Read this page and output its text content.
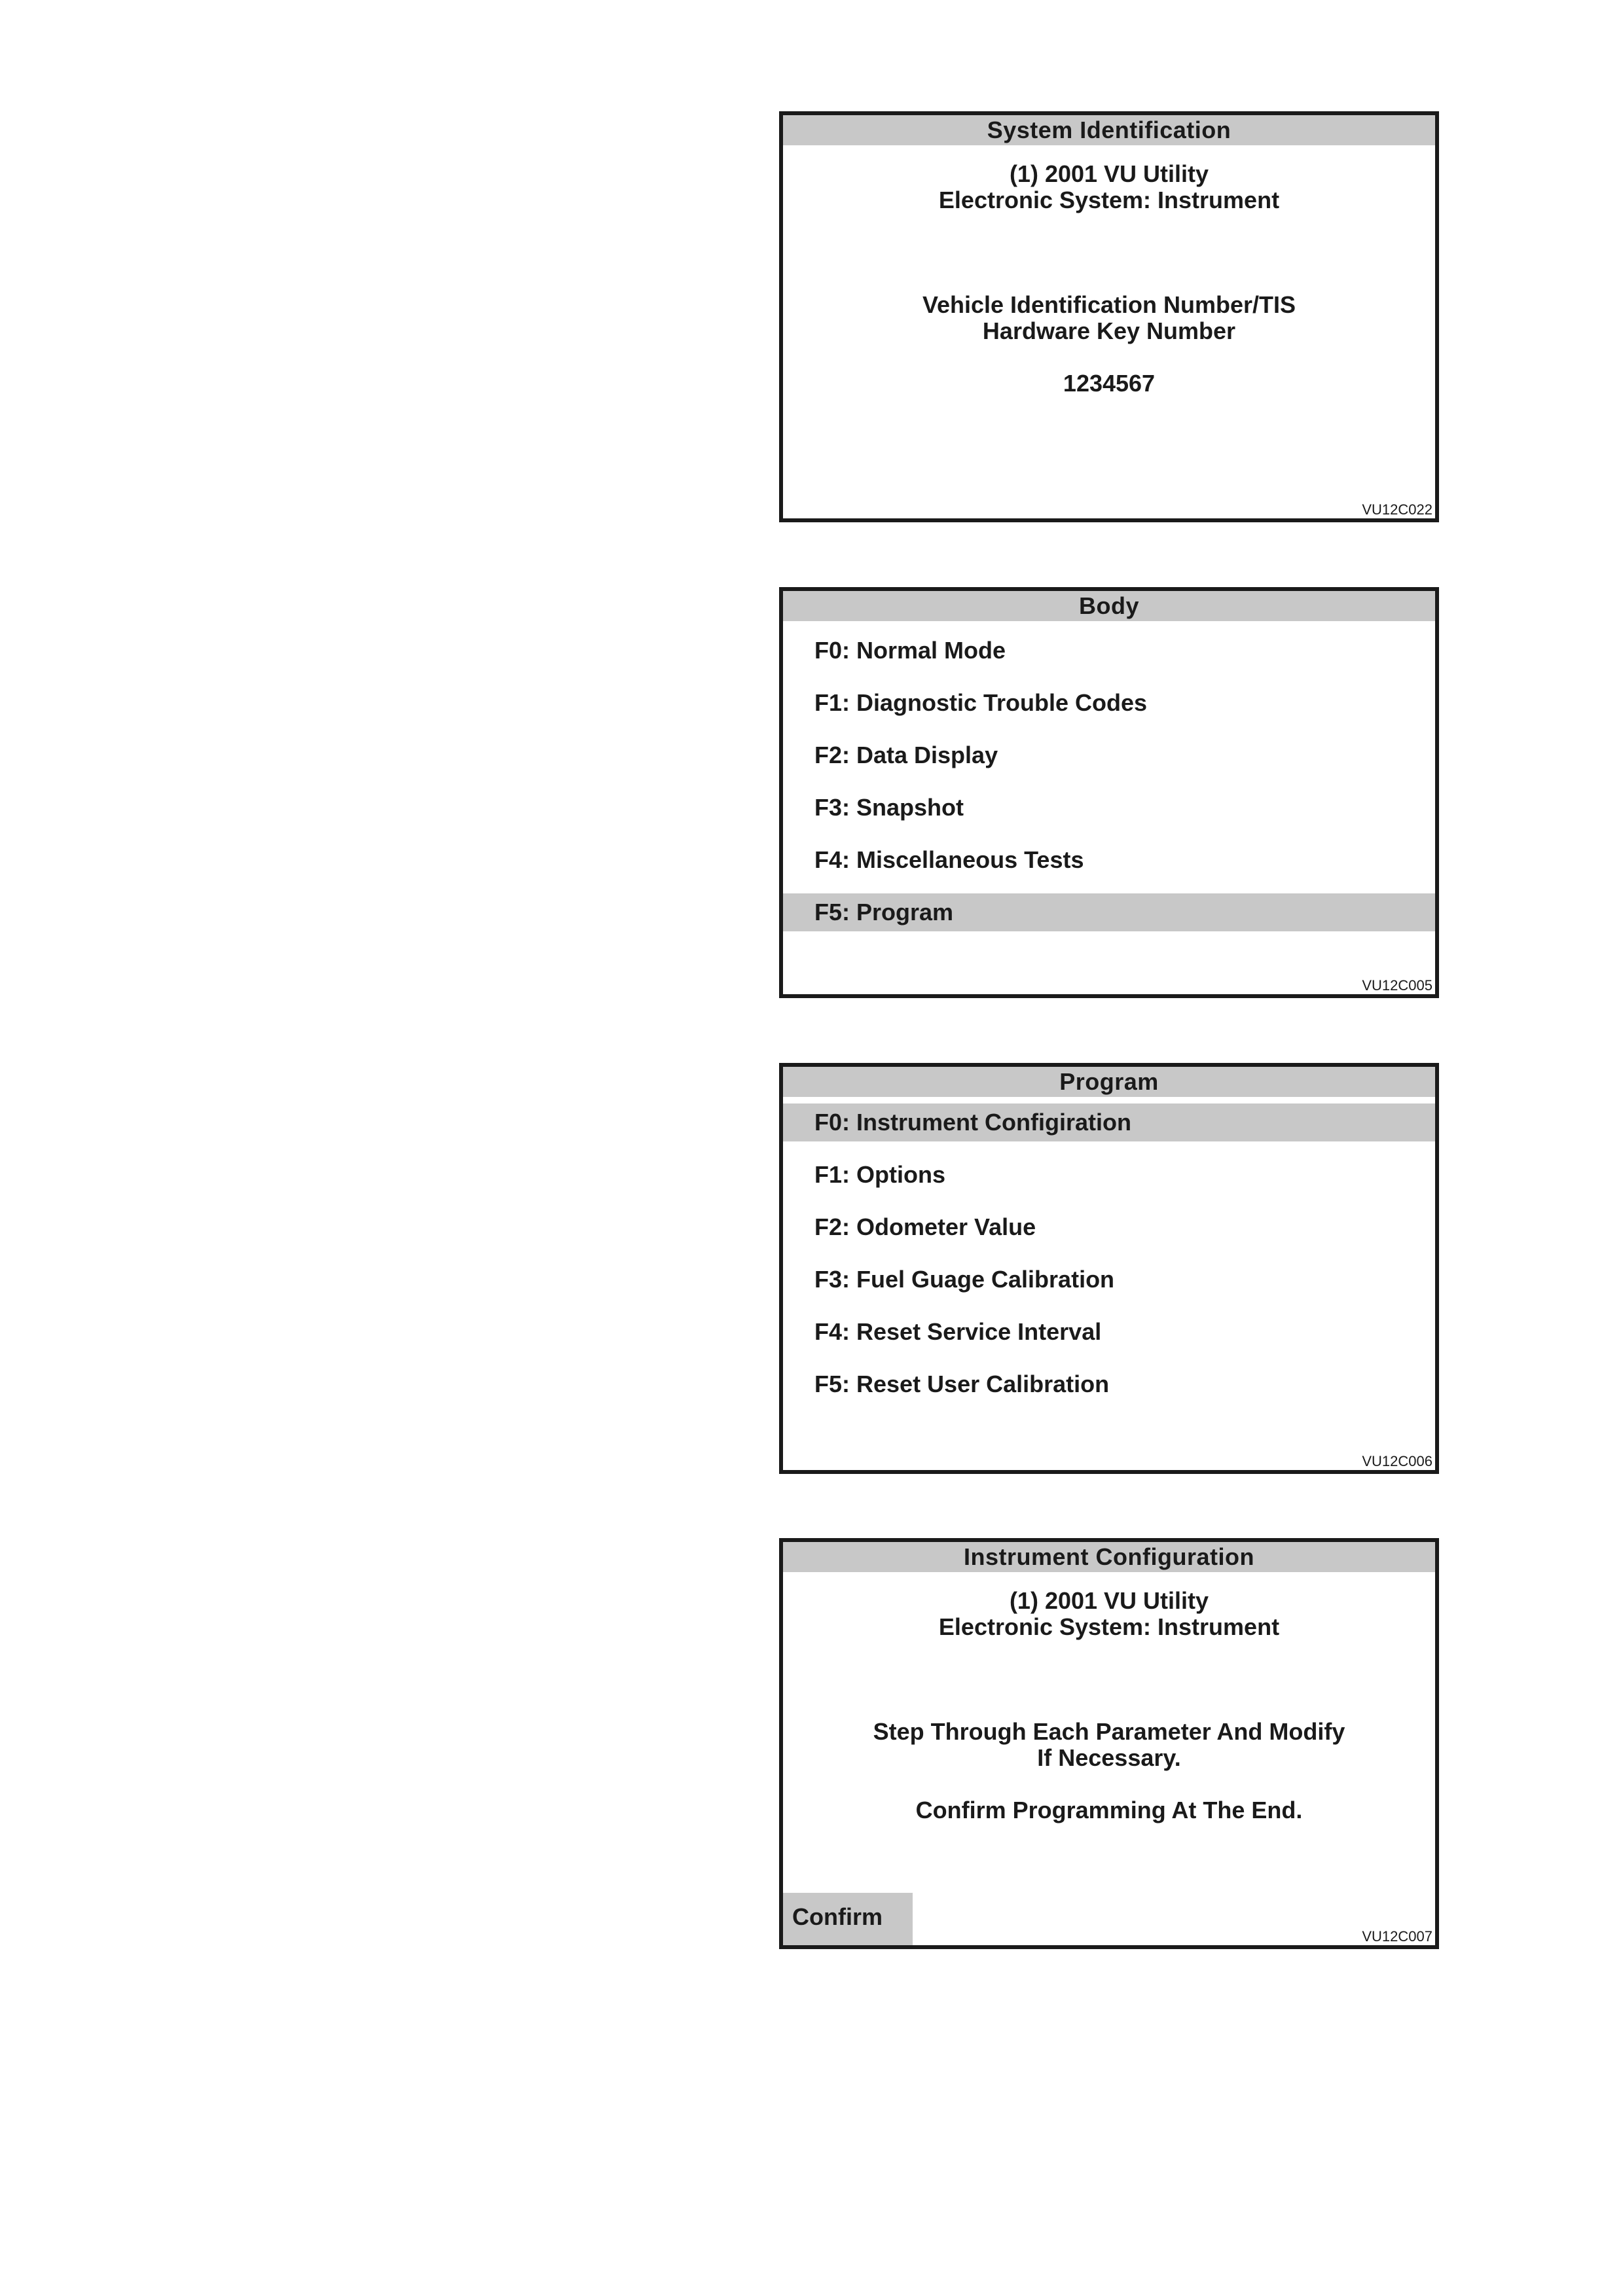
System Identification
(1) 2001 VU Utility
Electronic System: Instrument
Vehicle Identification Number/TIS
Hardware Key Number
1234567
VU12C022
Body
F0: Normal Mode
F1: Diagnostic Trouble Codes
F2: Data Display
F3: Snapshot
F4: Miscellaneous Tests
F5: Program
VU12C005
Program
F0: Instrument Configiration
F1: Options
F2: Odometer Value
F3: Fuel Guage Calibration
F4: Reset Service Interval
F5: Reset User Calibration
VU12C006
Instrument Configuration
(1) 2001 VU Utility
Electronic System: Instrument
Step Through Each Parameter And Modify
If Necessary.
Confirm Programming At The End.
Confirm
VU12C007
